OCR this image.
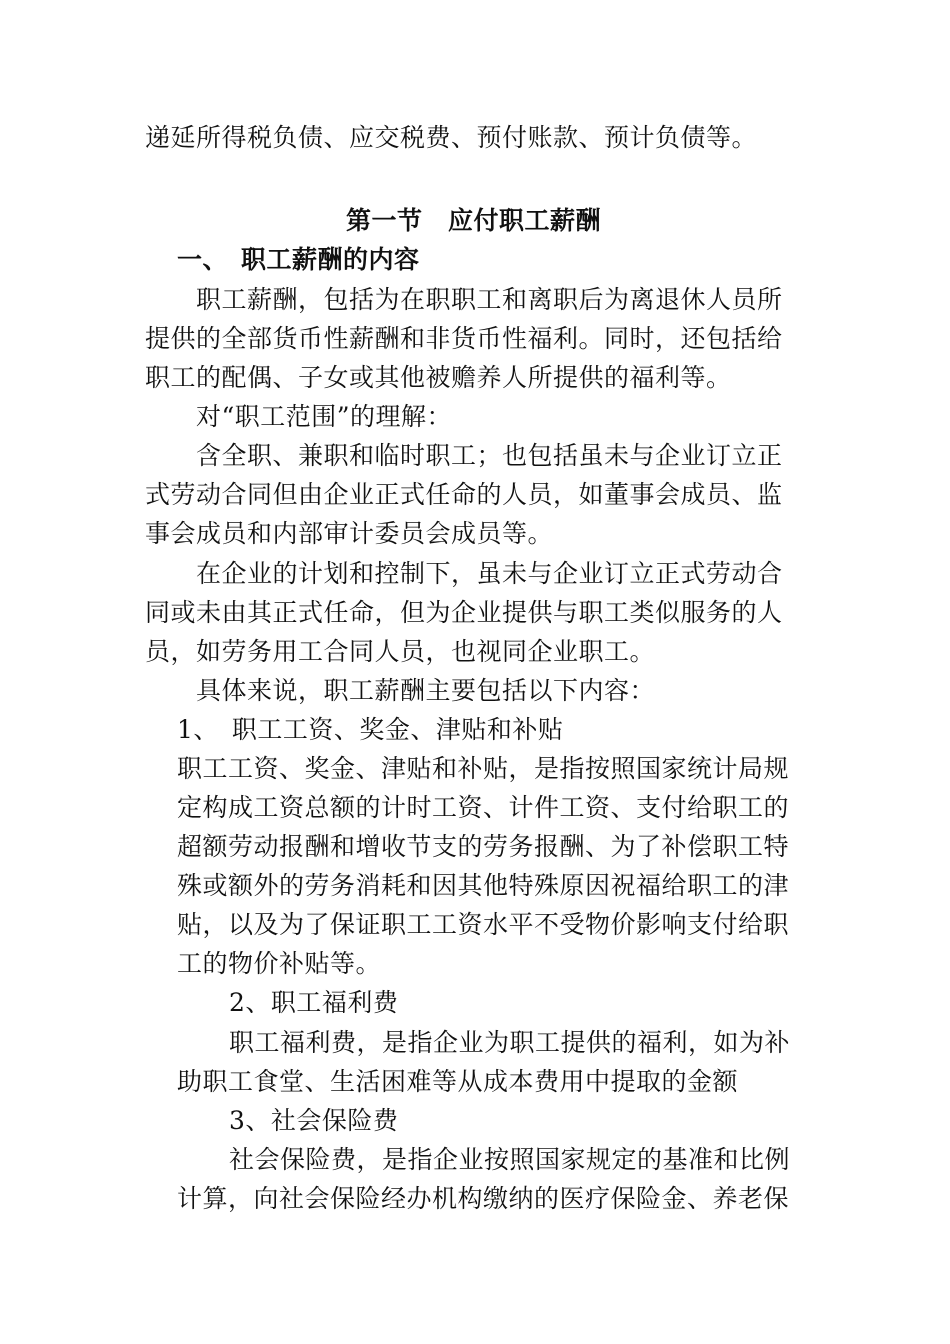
递延所得税负债、应交税费、预付账款、预计负债等。
第一节　应付职工薪酬
一、　职工薪酬的内容
职工薪酬，包括为在职职工和离职后为离退休人员所
提供的全部货币性薪酬和非货币性福利。同时，还包括给
职工的配偶、子女或其他被赡养人所提供的福利等。
对“职工范围”的理解：
含全职、兼职和临时职工；也包括虽未与企业订立正
式劳动合同但由企业正式任命的人员，如董事会成员、监
事会成员和内部审计委员会成员等。
在企业的计划和控制下，虽未与企业订立正式劳动合
同或未由其正式任命，但为企业提供与职工类似服务的人
员，如劳务用工合同人员，也视同企业职工。
具体来说，职工薪酬主要包括以下内容：
1、　职工工资、奖金、津贴和补贴
职工工资、奖金、津贴和补贴，是指按照国家统计局规
定构成工资总额的计时工资、计件工资、支付给职工的
超额劳动报酬和增收节支的劳务报酬、为了补偿职工特
殊或额外的劳务消耗和因其他特殊原因祝福给职工的津
贴，以及为了保证职工工资水平不受物价影响支付给职
工的物价补贴等。
2、职工福利费
职工福利费，是指企业为职工提供的福利，如为补
助职工食堂、生活困难等从成本费用中提取的金额
3、社会保险费
社会保险费，是指企业按照国家规定的基准和比例
计算，向社会保险经办机构缴纳的医疗保险金、养老保
